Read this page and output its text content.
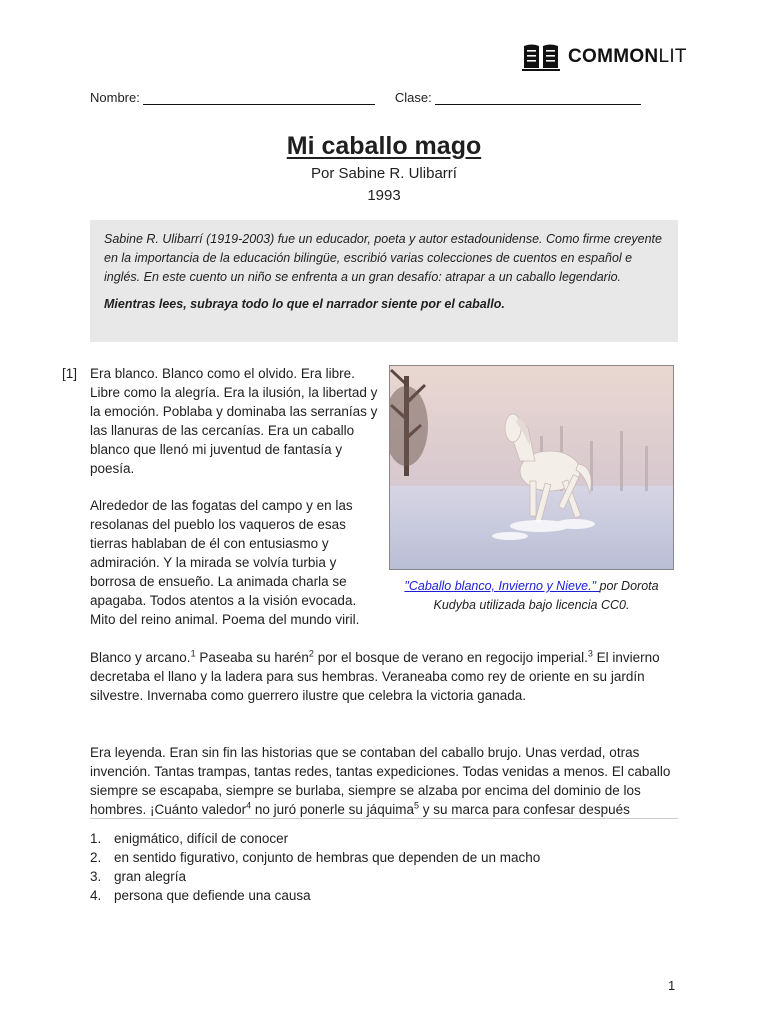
COMMONLIT
Nombre:	Clase:
Mi caballo mago
Por Sabine R. Ulibarrí
1993

Sabine R. Ulibarrí (1919-2003) fue un educador, poeta y autor estadounidense. Como firme creyente en la importancia de la educación bilingüe, escribió varias colecciones de cuentos en español e inglés. En este cuento un niño se enfrenta a un gran desafío: atrapar a un caballo legendario.

Mientras lees, subraya todo lo que el narrador siente por el caballo.

[1] Era blanco. Blanco como el olvido. Era libre. Libre como la alegría. Era la ilusión, la libertad y la emoción. Poblaba y dominaba las serranías y las llanuras de las cercanías. Era un caballo blanco que llenó mi juventud de fantasía y poesía.

Alrededor de las fogatas del campo y en las resolanas del pueblo los vaqueros de esas tierras hablaban de él con entusiasmo y admiración. Y la mirada se volvía turbia y borrosa de ensueño. La animada charla se apagaba. Todos atentos a la visión evocada. Mito del reino animal. Poema del mundo viril.

Blanco y arcano.$^1$ Paseaba su harén$^2$ por el bosque de verano en regocijo imperial.$^3$ El invierno decretaba el llano y la ladera para sus hembras. Veraneaba como rey de oriente en su jardín silvestre. Invernaba como guerrero ilustre que celebra la victoria ganada.

Era leyenda. Eran sin fin las historias que se contaban del caballo brujo. Unas verdad, otras invención. Tantas trampas, tantas redes, tantas expediciones. Todas venidas a menos. El caballo siempre se escapaba, siempre se burlaba, siempre se alzaba por encima del dominio de los hombres. ¡Cuánto valedor$^4$ no juró ponerle su jáquima$^5$ y su marca para confesar después

"Caballo blanco, Invierno y Nieve." por Dorota Kudyba utilizada bajo licencia CC0.
1. enigmático, difícil de conocer
2. en sentido figurativo, conjunto de hembras que dependen de un macho
3. gran alegría
4. persona que defiende una causa
1
